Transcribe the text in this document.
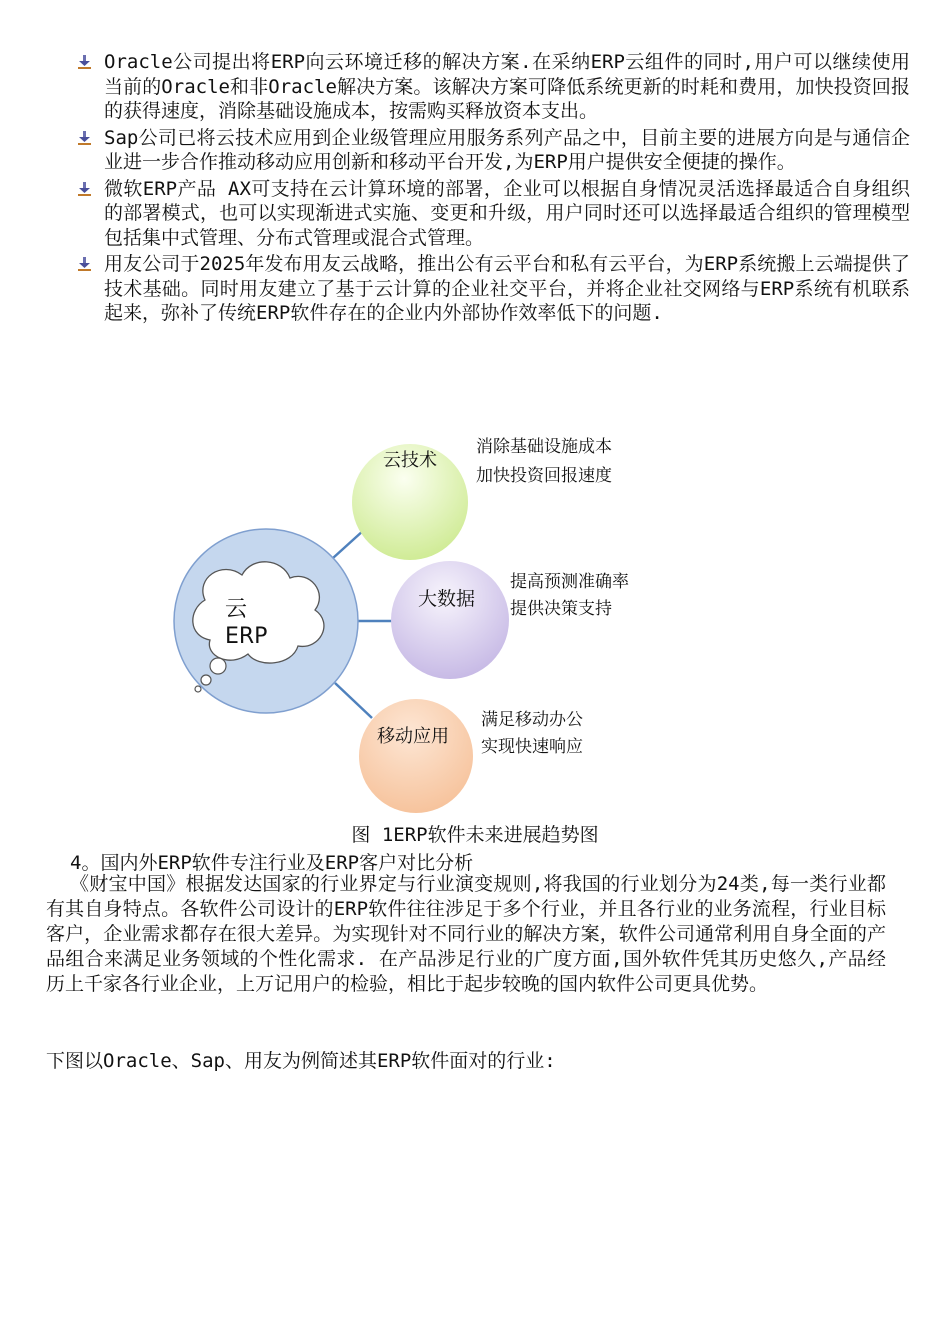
Oracle公司提出将ERP向云环境迁移的解决方案.在采纳ERP云组件的同时,用户可以继续使用当前的Oracle和非Oracle解决方案。该解决方案可降低系统更新的时耗和费用，加快投资回报的获得速度，消除基础设施成本，按需购买释放资本支出。
Sap公司已将云技术应用到企业级管理应用服务系列产品之中，目前主要的进展方向是与通信企业进一步合作推动移动应用创新和移动平台开发,为ERP用户提供安全便捷的操作。
微软ERP产品 AX可支持在云计算环境的部署，企业可以根据自身情况灵活选择最适合自身组织的部署模式，也可以实现渐进式实施、变更和升级，用户同时还可以选择最适合组织的管理模型包括集中式管理、分布式管理或混合式管理。
用友公司于2025年发布用友云战略，推出公有云平台和私有云平台，为ERP系统搬上云端提供了技术基础。同时用友建立了基于云计算的企业社交平台，并将企业社交网络与ERP系统有机联系起来，弥补了传统ERP软件存在的企业内外部协作效率低下的问题.
云
ERP
云技术
消除基础设施成本
加快投资回报速度
大数据
提高预测准确率
提供决策支持
移动应用
满足移动办公
实现快速响应
图 1ERP软件未来进展趋势图
4。国内外ERP软件专注行业及ERP客户对比分析
《财宝中国》根据发达国家的行业界定与行业演变规则,将我国的行业划分为24类,每一类行业都有其自身特点。各软件公司设计的ERP软件往往涉足于多个行业，并且各行业的业务流程，行业目标客户，企业需求都存在很大差异。为实现针对不同行业的解决方案，软件公司通常利用自身全面的产品组合来满足业务领域的个性化需求. 在产品涉足行业的广度方面,国外软件凭其历史悠久,产品经历上千家各行业企业，上万记用户的检验，相比于起步较晚的国内软件公司更具优势。
下图以Oracle、Sap、用友为例简述其ERP软件面对的行业:
